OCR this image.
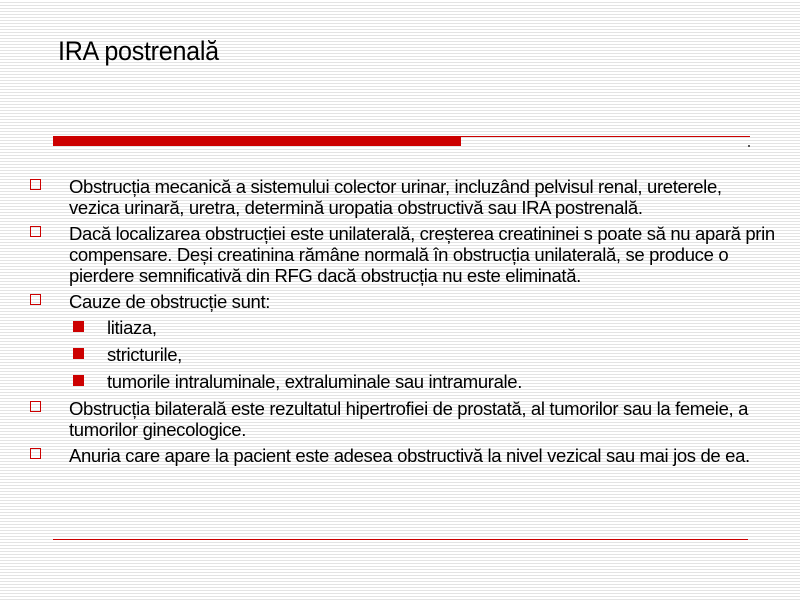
IRA postrenală
Obstrucția mecanică a sistemului colector urinar, incluzând pelvisul renal, ureterele, vezica urinară, uretra, determină uropatia obstructivă sau IRA postrenală.
Dacă localizarea obstrucției este unilaterală, creșterea creatininei s poate să nu apară prin compensare. Deși creatinina rămâne normală în obstrucția unilaterală, se produce o pierdere semnificativă din RFG dacă obstrucția nu este eliminată.
Cauze de obstrucție sunt:
litiaza,
stricturile,
tumorile intraluminale, extraluminale sau intramurale.
Obstrucția bilaterală este rezultatul hipertrofiei de prostată, al tumorilor sau la femeie, a tumorilor ginecologice.
Anuria care apare la pacient este adesea obstructivă la nivel vezical sau mai jos de ea.
